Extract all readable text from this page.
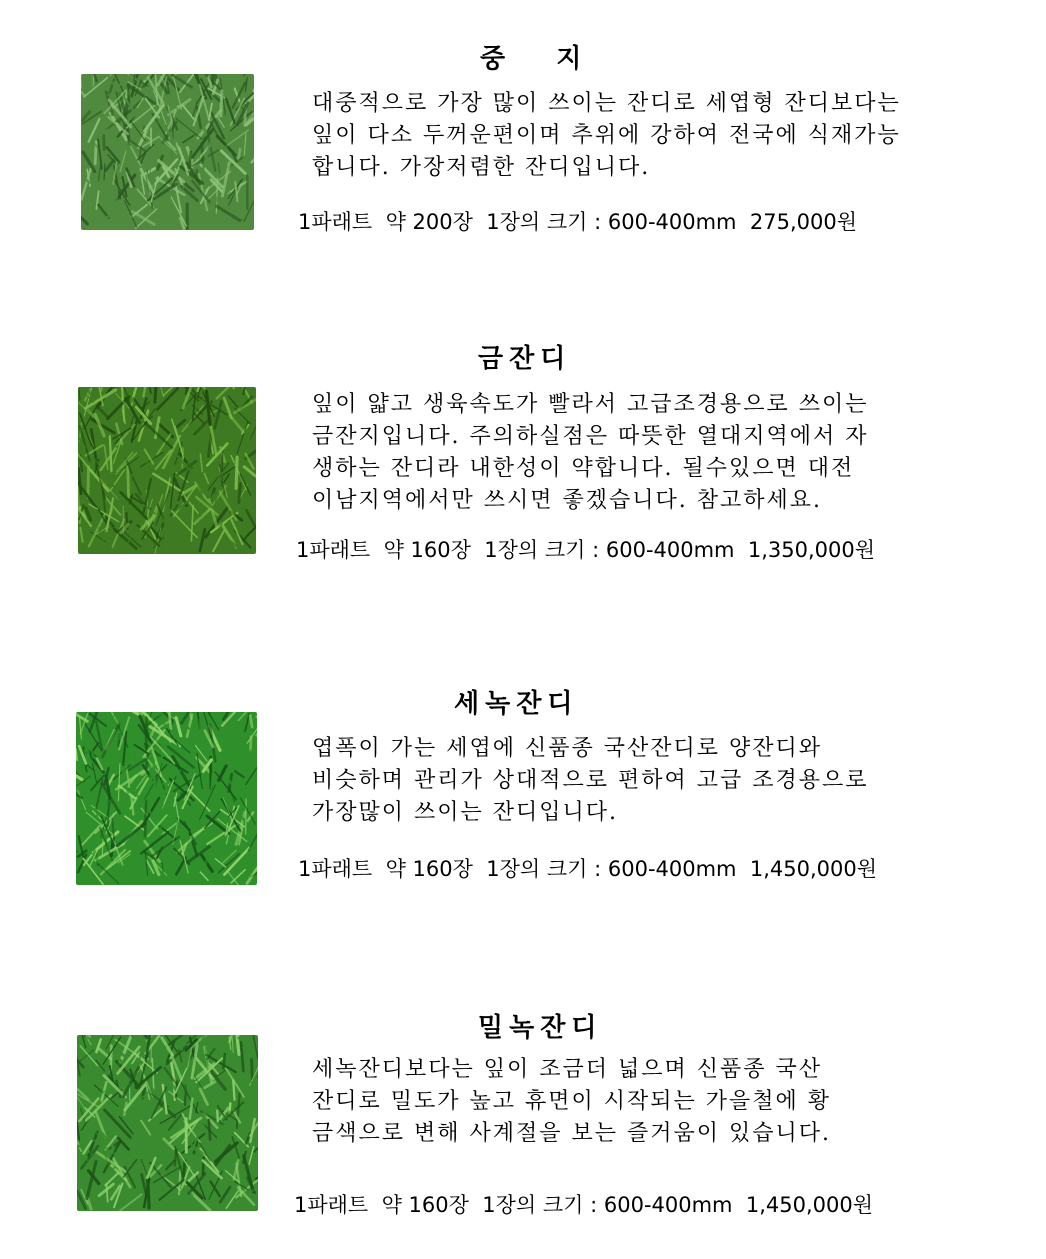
중   지
대중적으로 가장 많이 쓰이는 잔디로 세엽형 잔디보다는
잎이 다소 두꺼운편이며 추위에 강하여 전국에 식재가능
합니다. 가장저렴한 잔디입니다.
1파래트  약 200장  1장의 크기 : 600-400mm  275,000원
금잔디
잎이 얇고 생육속도가 빨라서 고급조경용으로 쓰이는
금잔지입니다. 주의하실점은 따뜻한 열대지역에서 자
생하는 잔디라 내한성이 약합니다. 될수있으면 대전
이남지역에서만 쓰시면 좋겠습니다. 참고하세요.
1파래트  약 160장  1장의 크기 : 600-400mm  1,350,000원
세녹잔디
엽폭이 가는 세엽에 신품종 국산잔디로 양잔디와
비슷하며 관리가 상대적으로 편하여 고급 조경용으로
가장많이 쓰이는 잔디입니다.
1파래트  약 160장  1장의 크기 : 600-400mm  1,450,000원
밀녹잔디
세녹잔디보다는 잎이 조금더 넓으며 신품종 국산
잔디로 밀도가 높고 휴면이 시작되는 가을철에 황
금색으로 변해 사계절을 보는 즐거움이 있습니다.
1파래트  약 160장  1장의 크기 : 600-400mm  1,450,000원
